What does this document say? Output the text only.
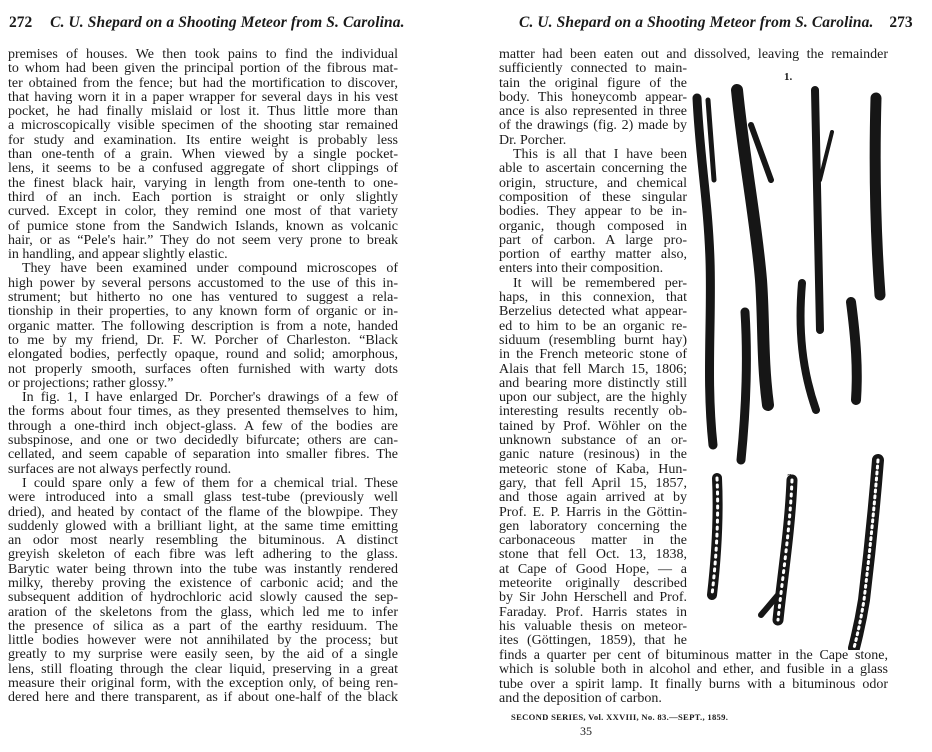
272 C. U. Shepard on a Shooting Meteor from S. Carolina.
premises of houses. We then took pains to find the individual
to whom had been given the principal portion of the fibrous mat-
ter obtained from the fence; but had the mortification to discover,
that having worn it in a paper wrapper for several days in his vest
pocket, he had finally mislaid or lost it. Thus little more than
a microscopically visible specimen of the shooting star remained
for study and examination. Its entire weight is probably less
than one-tenth of a grain. When viewed by a single pocket-
lens, it seems to be a confused aggregate of short clippings of
the finest black hair, varying in length from one-tenth to one-
third of an inch. Each portion is straight or only slightly
curved. Except in color, they remind one most of that variety
of pumice stone from the Sandwich Islands, known as volcanic
hair, or as “Pele's hair.” They do not seem very prone to break
in handling, and appear slightly elastic.
They have been examined under compound microscopes of
high power by several persons accustomed to the use of this in-
strument; but hitherto no one has ventured to suggest a rela-
tionship in their properties, to any known form of organic or in-
organic matter. The following description is from a note, handed
to me by my friend, Dr. F. W. Porcher of Charleston. “Black
elongated bodies, perfectly opaque, round and solid; amorphous,
not properly smooth, surfaces often furnished with warty dots
or projections; rather glossy.”
In fig. 1, I have enlarged Dr. Porcher's drawings of a few of
the forms about four times, as they presented themselves to him,
through a one-third inch object-glass. A few of the bodies are
subspinose, and one or two decidedly bifurcate; others are can-
cellated, and seem capable of separation into smaller fibres. The
surfaces are not always perfectly round.
I could spare only a few of them for a chemical trial. These
were introduced into a small glass test-tube (previously well
dried), and heated by contact of the flame of the blowpipe. They
suddenly glowed with a brilliant light, at the same time emitting
an odor most nearly resembling the bituminous. A distinct
greyish skeleton of each fibre was left adhering to the glass.
Barytic water being thrown into the tube was instantly rendered
milky, thereby proving the existence of carbonic acid; and the
subsequent addition of hydrochloric acid slowly caused the sep-
aration of the skeletons from the glass, which led me to infer
the presence of silica as a part of the earthy residuum. The
little bodies however were not annihilated by the process; but
greatly to my surprise were easily seen, by the aid of a single
lens, still floating through the clear liquid, preserving in a great
measure their original form, with the exception only, of being ren-
dered here and there transparent, as if about one-half of the black
C. U. Shepard on a Shooting Meteor from S. Carolina. 273
matter had been eaten out and dissolved, leaving the remainder
sufficiently connected to main-
tain the original figure of the
body. This honeycomb appear-
ance is also represented in three
of the drawings (fig. 2) made by
Dr. Porcher.
This is all that I have been
able to ascertain concerning the
origin, structure, and chemical
composition of these singular
bodies. They appear to be in-
organic, though composed in
part of carbon. A large pro-
portion of earthy matter also,
enters into their composition.
It will be remembered per-
haps, in this connexion, that
Berzelius detected what appear-
ed to him to be an organic re-
siduum (resembling burnt hay)
in the French meteoric stone of
Alais that fell March 15, 1806;
and bearing more distinctly still
upon our subject, are the highly
interesting results recently ob-
tained by Prof. Wöhler on the
unknown substance of an or-
ganic nature (resinous) in the
meteoric stone of Kaba, Hun-
gary, that fell April 15, 1857,
and those again arrived at by
Prof. E. P. Harris in the Göttin-
gen laboratory concerning the
carbonaceous matter in the
stone that fell Oct. 13, 1838,
at Cape of Good Hope, — a
meteorite originally described
by Sir John Herschell and Prof.
Faraday. Prof. Harris states in
his valuable thesis on meteor-
ites (Göttingen, 1859), that he
finds a quarter per cent of bituminous matter in the Cape stone,
which is soluble both in alcohol and ether, and fusible in a glass
tube over a spirit lamp. It finally burns with a bituminous odor
and the deposition of carbon.
1.
2.
SECOND SERIES, Vol. XXVIII, No. 83.—SEPT., 1859.
35
